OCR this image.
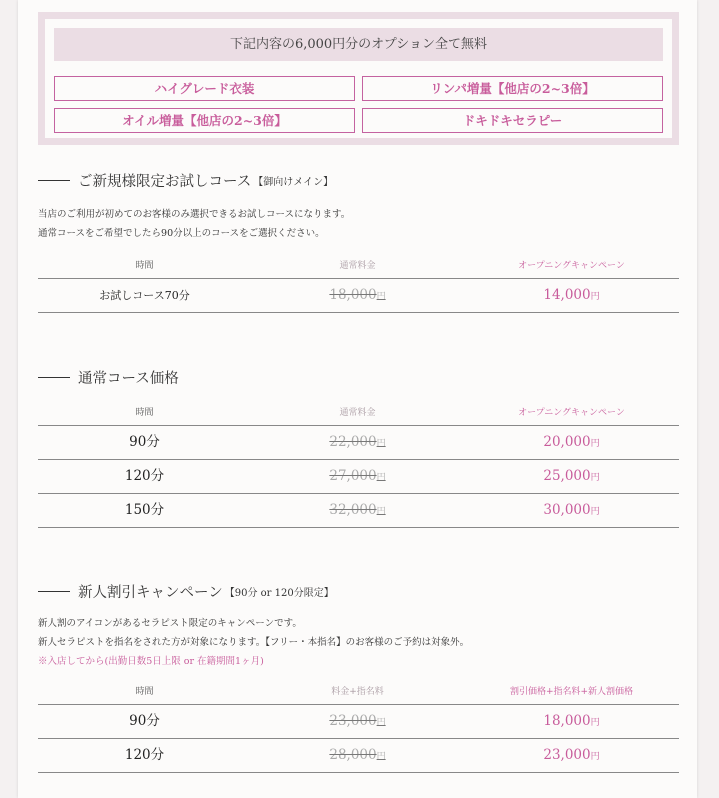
下記内容の6,000円分のオプション全て無料
ハイグレード衣装	リンパ増量【他店の2~3倍】
オイル増量【他店の2~3倍】	ドキドキセラピー
ご新規様限定お試しコース 【御向けメイン】
当店のご利用が初めてのお客様のみ選択できるお試しコースになります。
通常コースをご希望でしたら90分以上のコースをご選択ください。
時間	通常料金	オープニングキャンペーン
お試しコース70分	18,000円	14,000円
通常コース価格
時間	通常料金	オープニングキャンペーン
90分	22,000円	20,000円
120分	27,000円	25,000円
150分	32,000円	30,000円
新人割引キャンペーン 【90分 or 120分限定】
新人割のアイコンがあるセラピスト限定のキャンペーンです。
新人セラピストを指名をされた方が対象になります。【フリー・本指名】のお客様のご予約は対象外。
※入店してから(出勤日数5日上限 or 在籍期間1ヶ月)
時間	料金+指名料	割引価格+指名料+新人割価格
90分	23,000円	18,000円
120分	28,000円	23,000円
